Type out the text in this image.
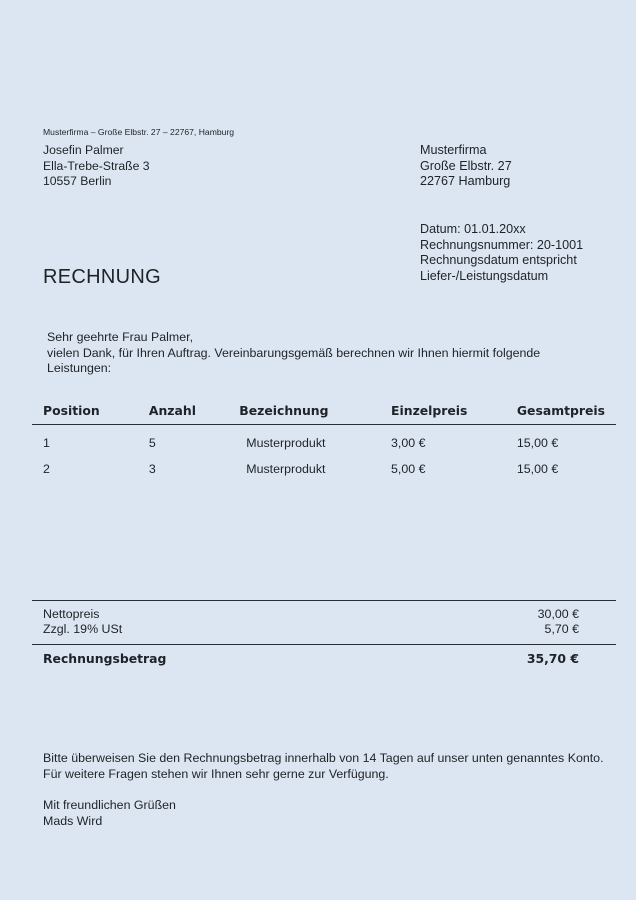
Musterfirma – Große Elbstr. 27 – 22767, Hamburg
Josefin Palmer
Ella-Trebe-Straße 3
10557 Berlin
Musterfirma
Große Elbstr. 27
22767 Hamburg
Datum: 01.01.20xx
Rechnungsnummer: 20-1001
Rechnungsdatum entspricht
Liefer-/Leistungsdatum
RECHNUNG
Sehr geehrte Frau Palmer,
vielen Dank, für Ihren Auftrag. Vereinbarungsgemäß berechnen wir Ihnen hiermit folgende Leistungen:
Position	Anzahl	Bezeichnung	Einzelpreis	Gesamtpreis
1	5	Musterprodukt	3,00 €	15,00 €
2	3	Musterprodukt	5,00 €	15,00 €
Nettopreis	30,00 €
Zzgl. 19% USt	5,70 €
Rechnungsbetrag	35,70 €
Bitte überweisen Sie den Rechnungsbetrag innerhalb von 14 Tagen auf unser unten genanntes Konto.
Für weitere Fragen stehen wir Ihnen sehr gerne zur Verfügung.
Mit freundlichen Grüßen
Mads Wird
